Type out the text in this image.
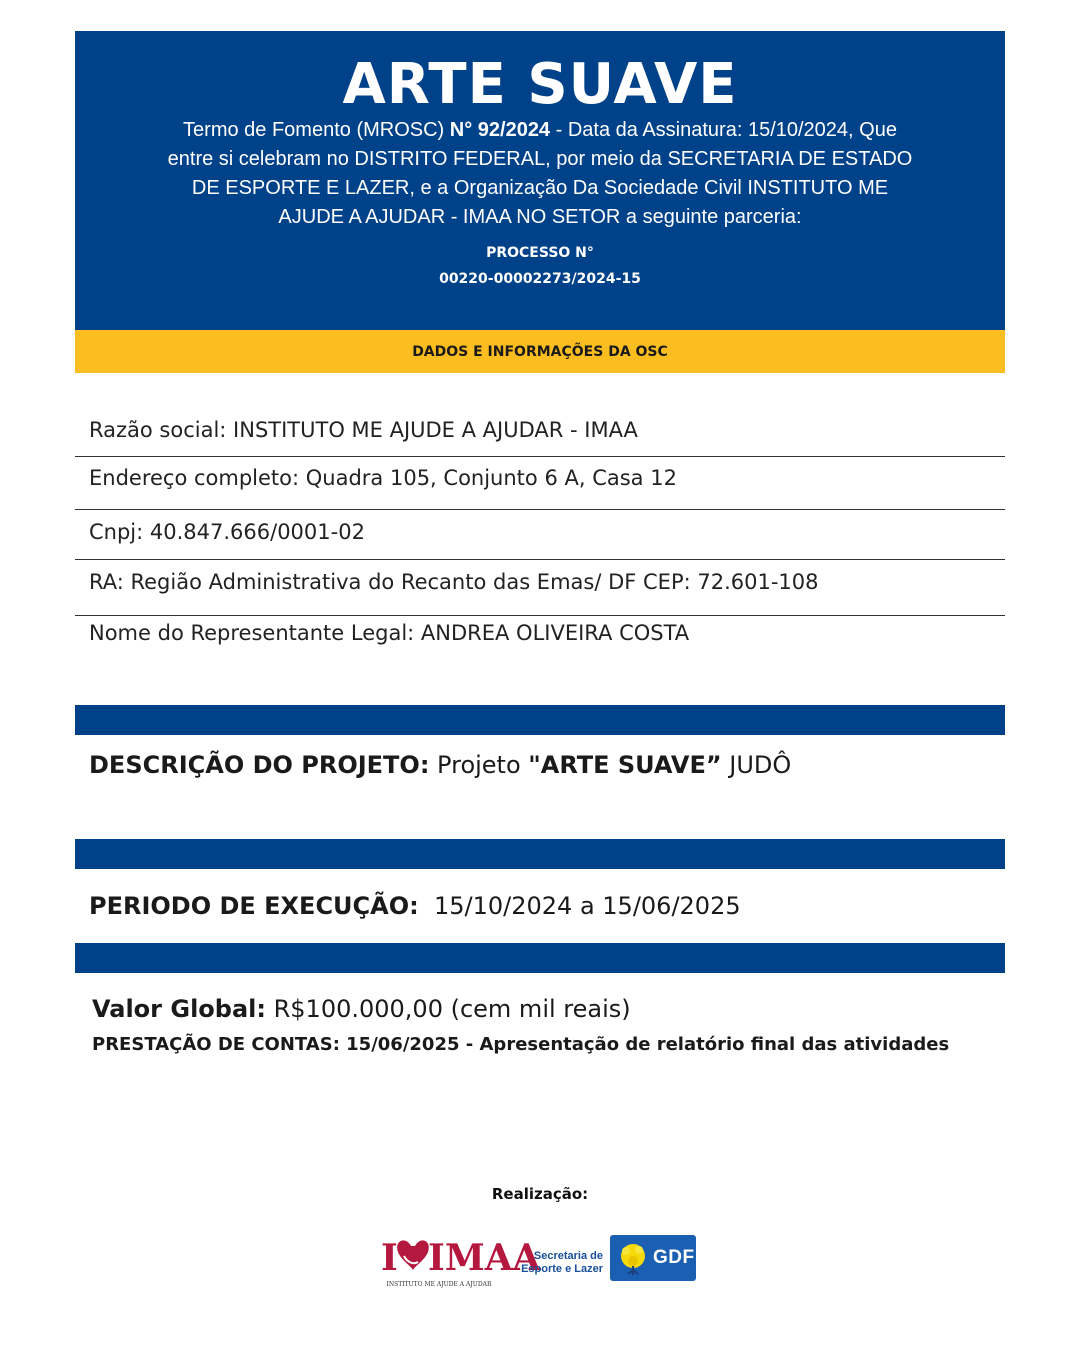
ARTE SUAVE
Termo de Fomento (MROSC) N° 92/2024 - Data da Assinatura: 15/10/2024, Que entre si celebram no DISTRITO FEDERAL, por meio da SECRETARIA DE ESTADO DE ESPORTE E LAZER, e a Organização Da Sociedade Civil INSTITUTO ME AJUDE A AJUDAR - IMAA NO SETOR a seguinte parceria:
PROCESSO N°
00220-00002273/2024-15
DADOS E INFORMAÇÕES DA OSC
Razão social: INSTITUTO ME AJUDE A AJUDAR - IMAA
Endereço completo: Quadra 105, Conjunto 6 A, Casa 12
Cnpj: 40.847.666/0001-02
RA: Região Administrativa do Recanto das Emas/ DF CEP: 72.601-108
Nome do Representante Legal: ANDREA OLIVEIRA COSTA
DESCRIÇÃO DO PROJETO: Projeto "ARTE SUAVE” JUDÔ
PERIODO DE EXECUÇÃO:  15/10/2024 a 15/06/2025
Valor Global: R$100.000,00 (cem mil reais)
PRESTAÇÃO DE CONTAS: 15/06/2025 - Apresentação de relatório final das atividades
Realização:
I IMAA
INSTITUTO ME AJUDE A AJUDAR
Secretaria de
Esporte e Lazer
GDF
